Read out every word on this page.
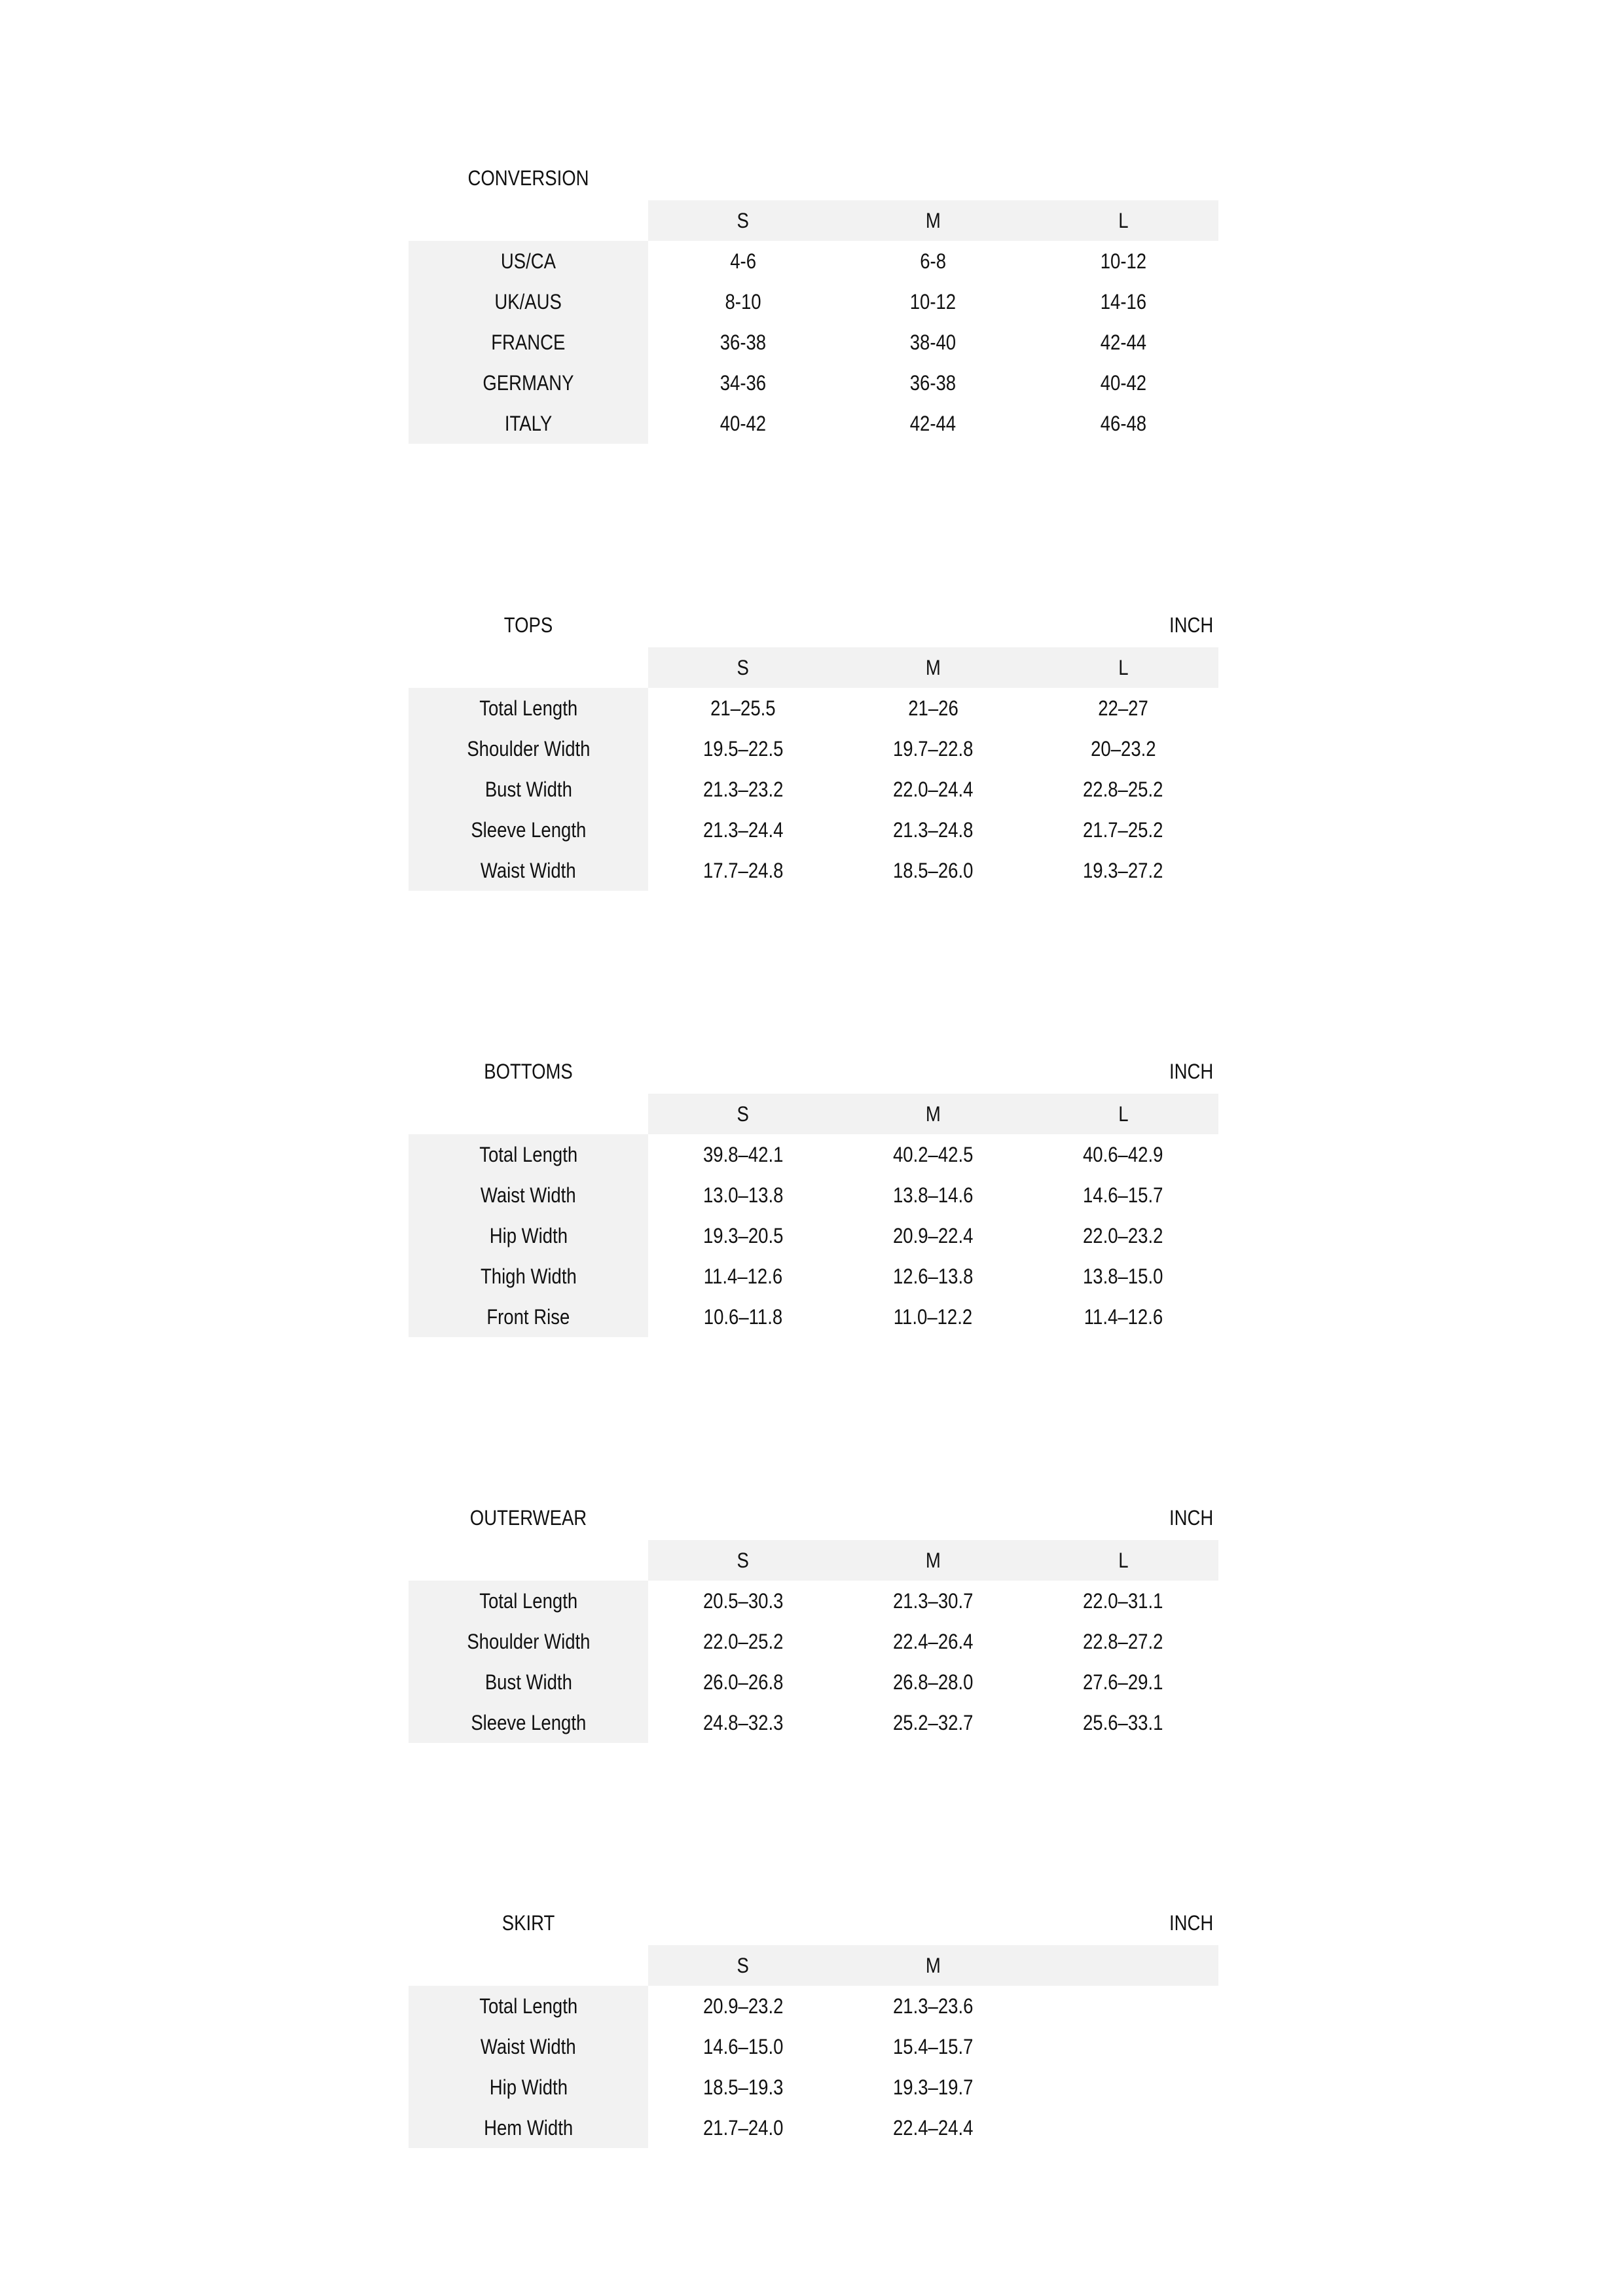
CONVERSION
S	M	L
US/CA	4-6	6-8	10-12
UK/AUS	8-10	10-12	14-16
FRANCE	36-38	38-40	42-44
GERMANY	34-36	36-38	40-42
ITALY	40-42	42-44	46-48
TOPS	INCH
S	M	L
Total Length	21–25.5	21–26	22–27
Shoulder Width	19.5–22.5	19.7–22.8	20–23.2
Bust Width	21.3–23.2	22.0–24.4	22.8–25.2
Sleeve Length	21.3–24.4	21.3–24.8	21.7–25.2
Waist Width	17.7–24.8	18.5–26.0	19.3–27.2
BOTTOMS	INCH
S	M	L
Total Length	39.8–42.1	40.2–42.5	40.6–42.9
Waist Width	13.0–13.8	13.8–14.6	14.6–15.7
Hip Width	19.3–20.5	20.9–22.4	22.0–23.2
Thigh Width	11.4–12.6	12.6–13.8	13.8–15.0
Front Rise	10.6–11.8	11.0–12.2	11.4–12.6
OUTERWEAR	INCH
S	M	L
Total Length	20.5–30.3	21.3–30.7	22.0–31.1
Shoulder Width	22.0–25.2	22.4–26.4	22.8–27.2
Bust Width	26.0–26.8	26.8–28.0	27.6–29.1
Sleeve Length	24.8–32.3	25.2–32.7	25.6–33.1
SKIRT	INCH
S	M
Total Length	20.9–23.2	21.3–23.6
Waist Width	14.6–15.0	15.4–15.7
Hip Width	18.5–19.3	19.3–19.7
Hem Width	21.7–24.0	22.4–24.4
